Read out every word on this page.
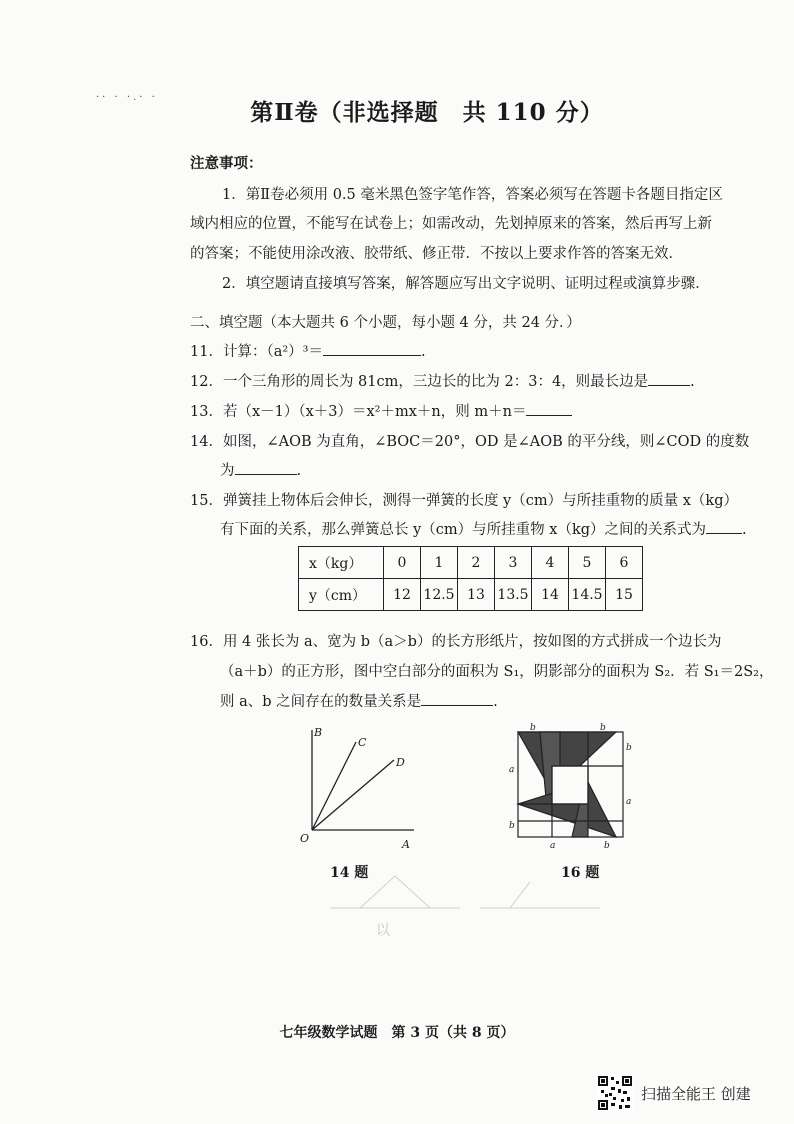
·· · ·.· ·
第Ⅱ卷（非选择题　共 110 分）
注意事项：
1．第Ⅱ卷必须用 0.5 毫米黑色签字笔作答，答案必须写在答题卡各题目指定区
域内相应的位置，不能写在试卷上；如需改动，先划掉原来的答案，然后再写上新
的答案；不能使用涂改液、胶带纸、修正带．不按以上要求作答的答案无效．
2．填空题请直接填写答案，解答题应写出文字说明、证明过程或演算步骤．
二、填空题（本大题共 6 个小题，每小题 4 分，共 24 分．）
11．计算：（a²）³＝	.
12．一个三角形的周长为 81cm，三边长的比为 2：3：4，则最长边是	.
13．若（x－1）（x＋3）＝x²＋mx＋n，则 m＋n＝
14．如图，∠AOB 为直角，∠BOC＝20°，OD 是∠AOB 的平分线，则∠COD 的度数
为	.
15．弹簧挂上物体后会伸长，测得一弹簧的长度 y（cm）与所挂重物的质量 x（kg）
有下面的关系，那么弹簧总长 y（cm）与所挂重物 x（kg）之间的关系式为 .
x（kg）	0	1	2	3	4	5	6
y（cm）	12	12.5	13	13.5	14	14.5	15
16．用 4 张长为 a、宽为 b（a＞b）的长方形纸片，按如图的方式拼成一个边长为
（a＋b）的正方形，图中空白部分的面积为 S₁，阴影部分的面积为 S₂．若 S₁＝2S₂，
则 a、b 之间存在的数量关系是	.
B
C
D
O	A
14 题
b	b
b
a
a
b
a	b
16 题
以
七年级数学试题　第 3 页（共 8 页）
扫描全能王 创建
